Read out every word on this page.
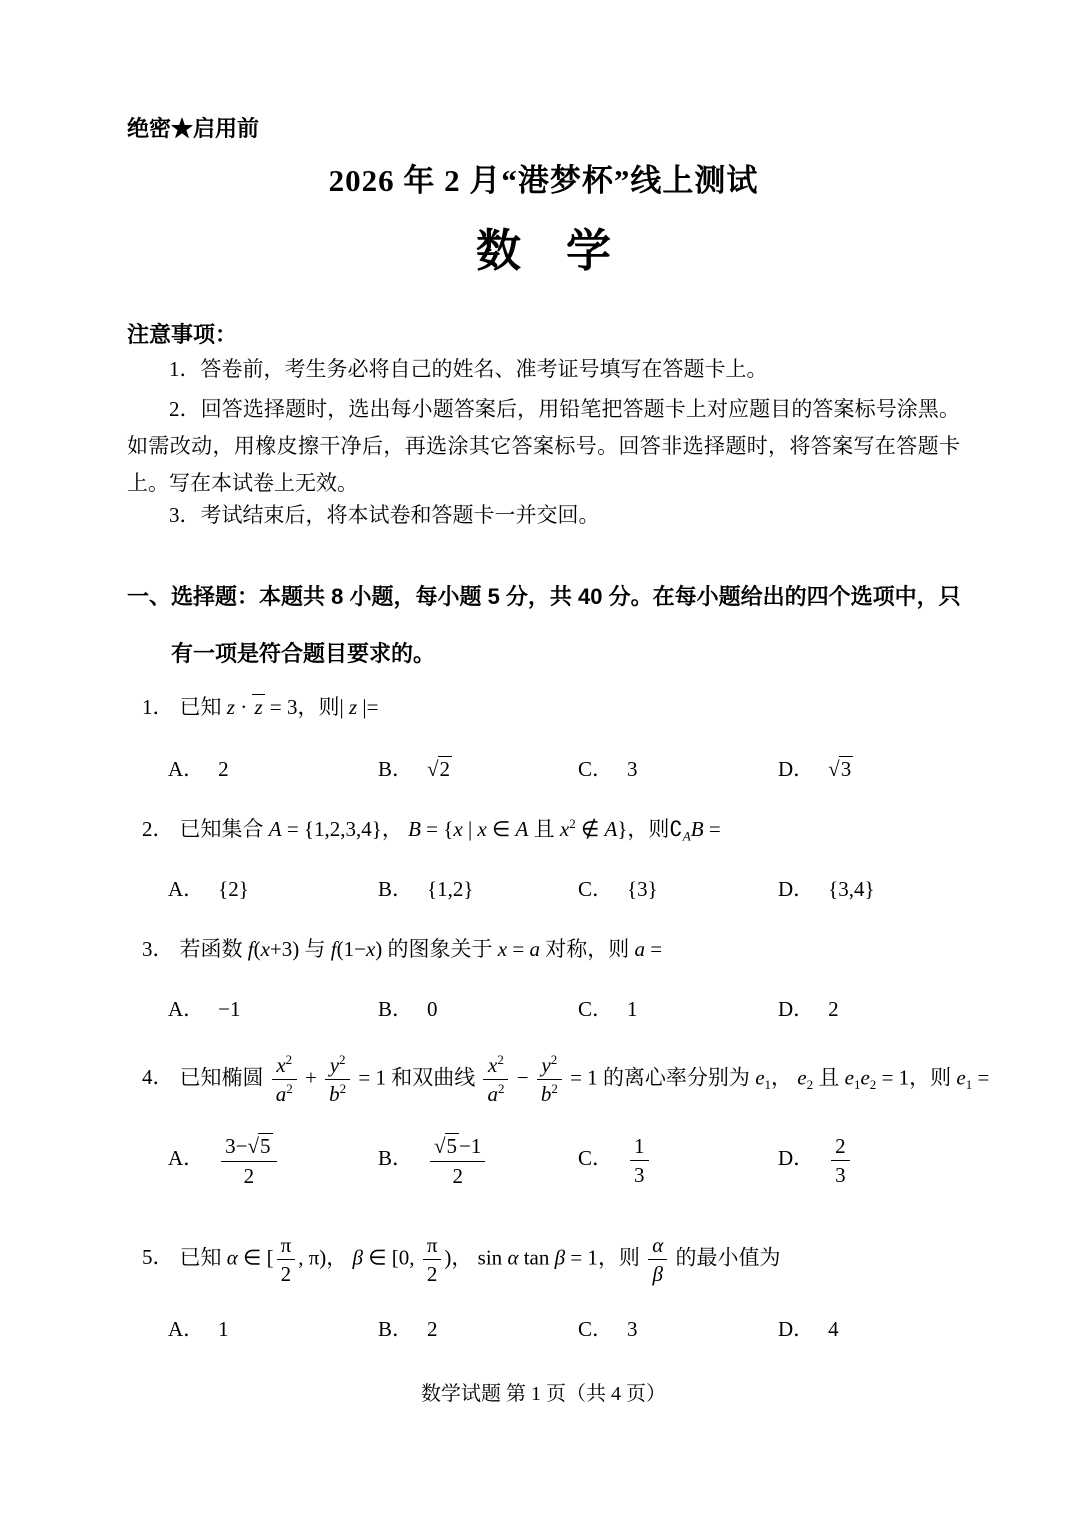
绝密★启用前
2026 年 2 月“港梦杯”线上测试
数　学
注意事项：
1．答卷前，考生务必将自己的姓名、准考证号填写在答题卡上。
2．回答选择题时，选出每小题答案后，用铅笔把答题卡上对应题目的答案标号涂黑。如需改动，用橡皮擦干净后，再选涂其它答案标号。回答非选择题时，将答案写在答题卡上。写在本试卷上无效。
3．考试结束后，将本试卷和答题卡一并交回。
一、选择题：本题共 8 小题，每小题 5 分，共 40 分。在每小题给出的四个选项中，只
有一项是符合题目要求的。
1． 已知 z · z = 3，则| z |=
A． 2	B． √2	C． 3	D． √3
2． 已知集合 A = {1,2,3,4}， B = {x | x ∈ A 且 $x^2$ ∉ A}，则$∁_AB$ =
A． {2}	B． {1,2}	C． {3}	D． {3,4}
3． 若函数 f(x+3) 与 f(1−x) 的图象关于 x = a 对称，则 a =
A． −1	B． 0	C． 1	D． 2
4． 已知椭圆 $\frac{x^2}{a^2} + \frac{y^2}{b^2} = 1$ 和双曲线 $\frac{x^2}{a^2} - \frac{y^2}{b^2} = 1$ 的离心率分别为 $e_1$， $e_2$ 且 $e_1e_2 = 1$，则 $e_1$ =
A． $\frac{3-√5}{2}$	B． $\frac{√5-1}{2}$	C． $\frac{1}{3}$	D． $\frac{2}{3}$
5． 已知 α ∈ [ $\frac{\pi}{2}$ , π)， β ∈ [0, $\frac{\pi}{2}$ )， sin α tan β = 1，则 $\frac{\alpha}{\beta}$ 的最小值为
A． 1	B． 2	C． 3	D． 4
数学试题 第 1 页（共 4 页）
